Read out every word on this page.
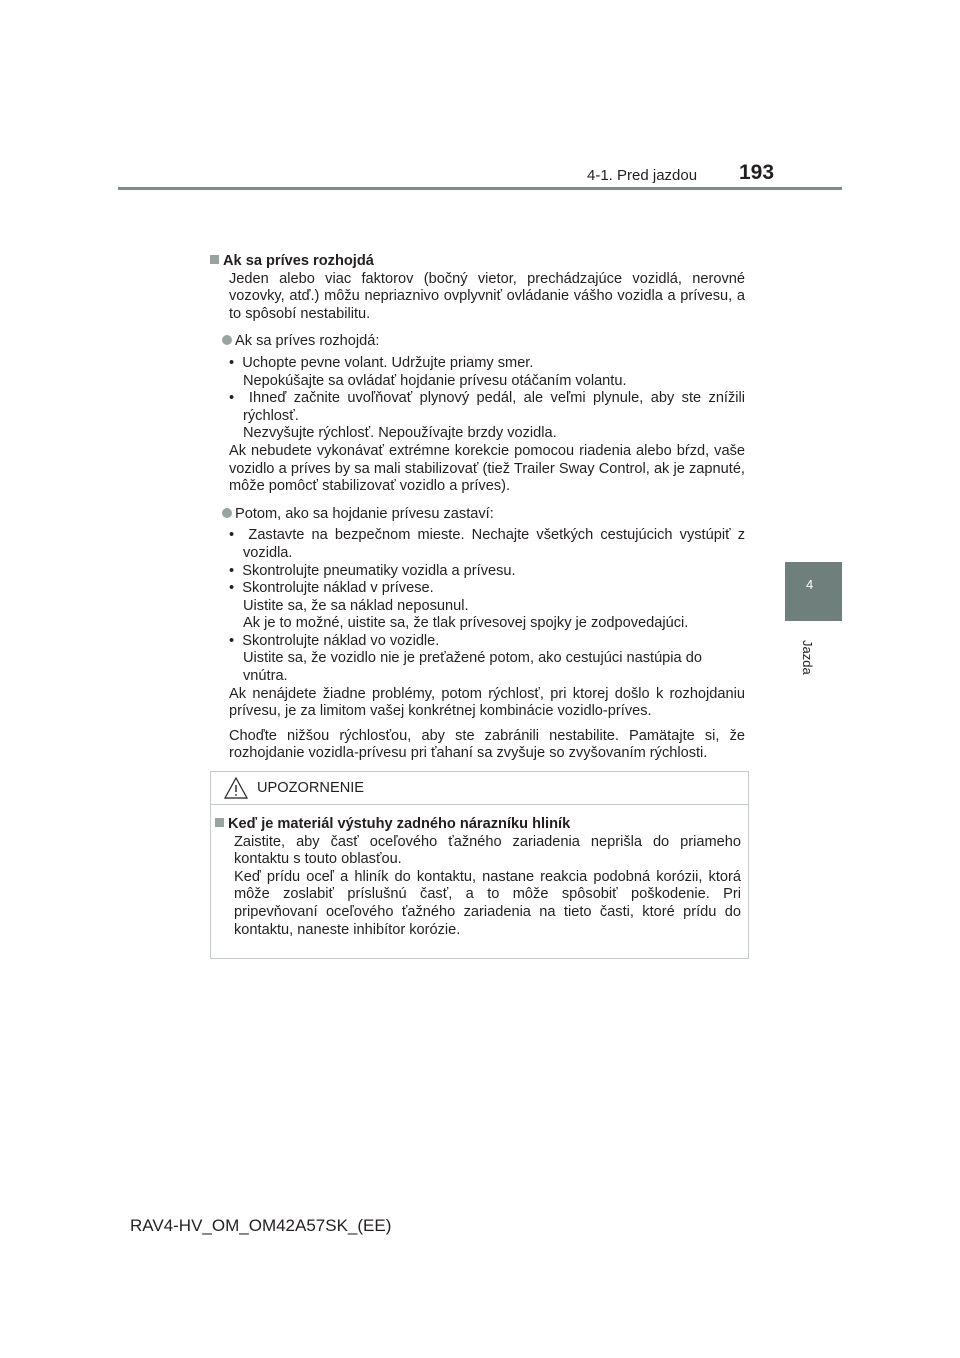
4-1. Pred jazdou 193
4
Jazda

Ak sa príves rozhojdá

Jeden alebo viac faktorov (bočný vietor, prechádzajúce vozidlá, nerovné vozovky, atď.) môžu nepriaznivo ovplyvniť ovládanie vášho vozidla a prívesu, a to spôsobí nestabilitu.

Ak sa príves rozhojdá:

•  Uchopte pevne volant. Udržujte priamy smer.
Nepokúšajte sa ovládať hojdanie prívesu otáčaním volantu.
•  Ihneď začnite uvoľňovať plynový pedál, ale veľmi plynule, aby ste znížili rýchlosť.
Nezvyšujte rýchlosť. Nepoužívajte brzdy vozidla.

Ak nebudete vykonávať extrémne korekcie pomocou riadenia alebo bŕzd, vaše vozidlo a príves by sa mali stabilizovať (tiež Trailer Sway Control, ak je zapnuté, môže pomôcť stabilizovať vozidlo a príves).

Potom, ako sa hojdanie prívesu zastaví:

•  Zastavte na bezpečnom mieste. Nechajte všetkých cestujúcich vystúpiť z vozidla.
•  Skontrolujte pneumatiky vozidla a prívesu.
•  Skontrolujte náklad v prívese.
Uistite sa, že sa náklad neposunul.
Ak je to možné, uistite sa, že tlak prívesovej spojky je zodpovedajúci.
•  Skontrolujte náklad vo vozidle.
Uistite sa, že vozidlo nie je preťažené potom, ako cestujúci nastúpia do vnútra.

Ak nenájdete žiadne problémy, potom rýchlosť, pri ktorej došlo k rozhojdaniu prívesu, je za limitom vašej konkrétnej kombinácie vozidlo-príves.

Choďte nižšou rýchlosťou, aby ste zabránili nestabilite. Pamätajte si, že rozhojdanie vozidla-prívesu pri ťahaní sa zvyšuje so zvyšovaním rýchlosti.

UPOZORNENIE

Keď je materiál výstuhy zadného nárazníku hliník

Zaistite, aby časť oceľového ťažného zariadenia neprišla do priameho kontaktu s touto oblasťou.

Keď prídu oceľ a hliník do kontaktu, nastane reakcia podobná korózii, ktorá môže zoslabiť príslušnú časť, a to môže spôsobiť poškodenie. Pri pripevňovaní oceľového ťažného zariadenia na tieto časti, ktoré prídu do kontaktu, naneste inhibítor korózie.

RAV4-HV_OM_OM42A57SK_(EE)
